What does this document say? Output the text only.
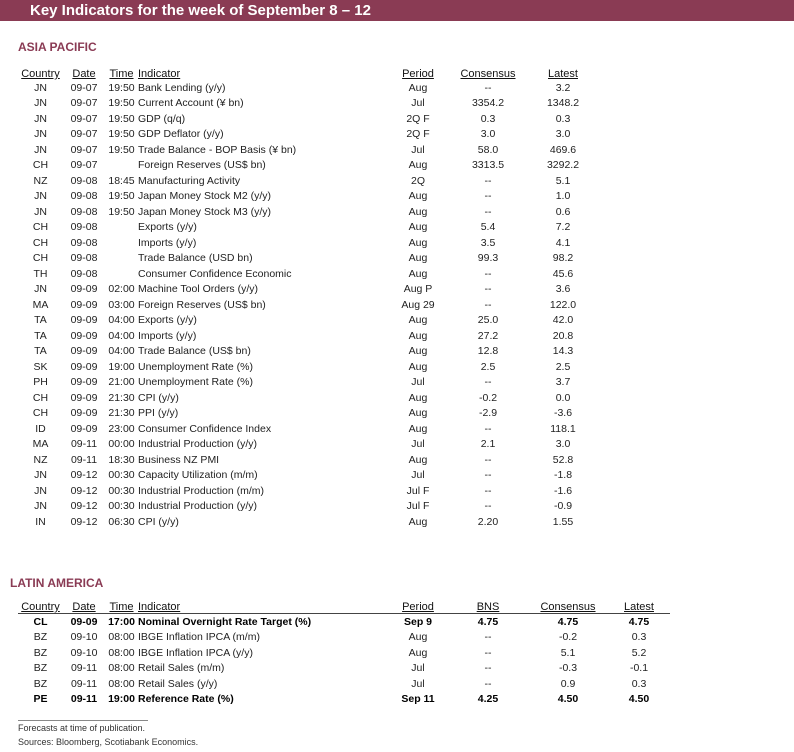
Key Indicators for the week of September 8 – 12
ASIA PACIFIC
Country	Date	Time	Indicator	Period	Consensus	Latest
JN	09-07	19:50	Bank Lending (y/y)	Aug	--	3.2
JN	09-07	19:50	Current Account (¥ bn)	Jul	3354.2	1348.2
JN	09-07	19:50	GDP (q/q)	2Q F	0.3	0.3
JN	09-07	19:50	GDP Deflator (y/y)	2Q F	3.0	3.0
JN	09-07	19:50	Trade Balance - BOP Basis (¥ bn)	Jul	58.0	469.6
CH	09-07		Foreign Reserves (US$ bn)	Aug	3313.5	3292.2
NZ	09-08	18:45	Manufacturing Activity	2Q	--	5.1
JN	09-08	19:50	Japan Money Stock M2 (y/y)	Aug	--	1.0
JN	09-08	19:50	Japan Money Stock M3 (y/y)	Aug	--	0.6
CH	09-08		Exports (y/y)	Aug	5.4	7.2
CH	09-08		Imports (y/y)	Aug	3.5	4.1
CH	09-08		Trade Balance (USD bn)	Aug	99.3	98.2
TH	09-08		Consumer Confidence Economic	Aug	--	45.6
JN	09-09	02:00	Machine Tool Orders (y/y)	Aug P	--	3.6
MA	09-09	03:00	Foreign Reserves (US$ bn)	Aug 29	--	122.0
TA	09-09	04:00	Exports (y/y)	Aug	25.0	42.0
TA	09-09	04:00	Imports (y/y)	Aug	27.2	20.8
TA	09-09	04:00	Trade Balance (US$ bn)	Aug	12.8	14.3
SK	09-09	19:00	Unemployment Rate (%)	Aug	2.5	2.5
PH	09-09	21:00	Unemployment Rate (%)	Jul	--	3.7
CH	09-09	21:30	CPI (y/y)	Aug	-0.2	0.0
CH	09-09	21:30	PPI (y/y)	Aug	-2.9	-3.6
ID	09-09	23:00	Consumer Confidence Index	Aug	--	118.1
MA	09-11	00:00	Industrial Production (y/y)	Jul	2.1	3.0
NZ	09-11	18:30	Business NZ PMI	Aug	--	52.8
JN	09-12	00:30	Capacity Utilization (m/m)	Jul	--	-1.8
JN	09-12	00:30	Industrial Production (m/m)	Jul F	--	-1.6
JN	09-12	00:30	Industrial Production (y/y)	Jul F	--	-0.9
IN	09-12	06:30	CPI (y/y)	Aug	2.20	1.55
LATIN AMERICA
Country	Date	Time	Indicator	Period	BNS	Consensus	Latest
CL	09-09	17:00	Nominal Overnight Rate Target (%)	Sep 9	4.75	4.75	4.75
BZ	09-10	08:00	IBGE Inflation IPCA (m/m)	Aug	--	-0.2	0.3
BZ	09-10	08:00	IBGE Inflation IPCA (y/y)	Aug	--	5.1	5.2
BZ	09-11	08:00	Retail Sales (m/m)	Jul	--	-0.3	-0.1
BZ	09-11	08:00	Retail Sales (y/y)	Jul	--	0.9	0.3
PE	09-11	19:00	Reference Rate (%)	Sep 11	4.25	4.50	4.50
Forecasts at time of publication.
Sources: Bloomberg, Scotiabank Economics.
